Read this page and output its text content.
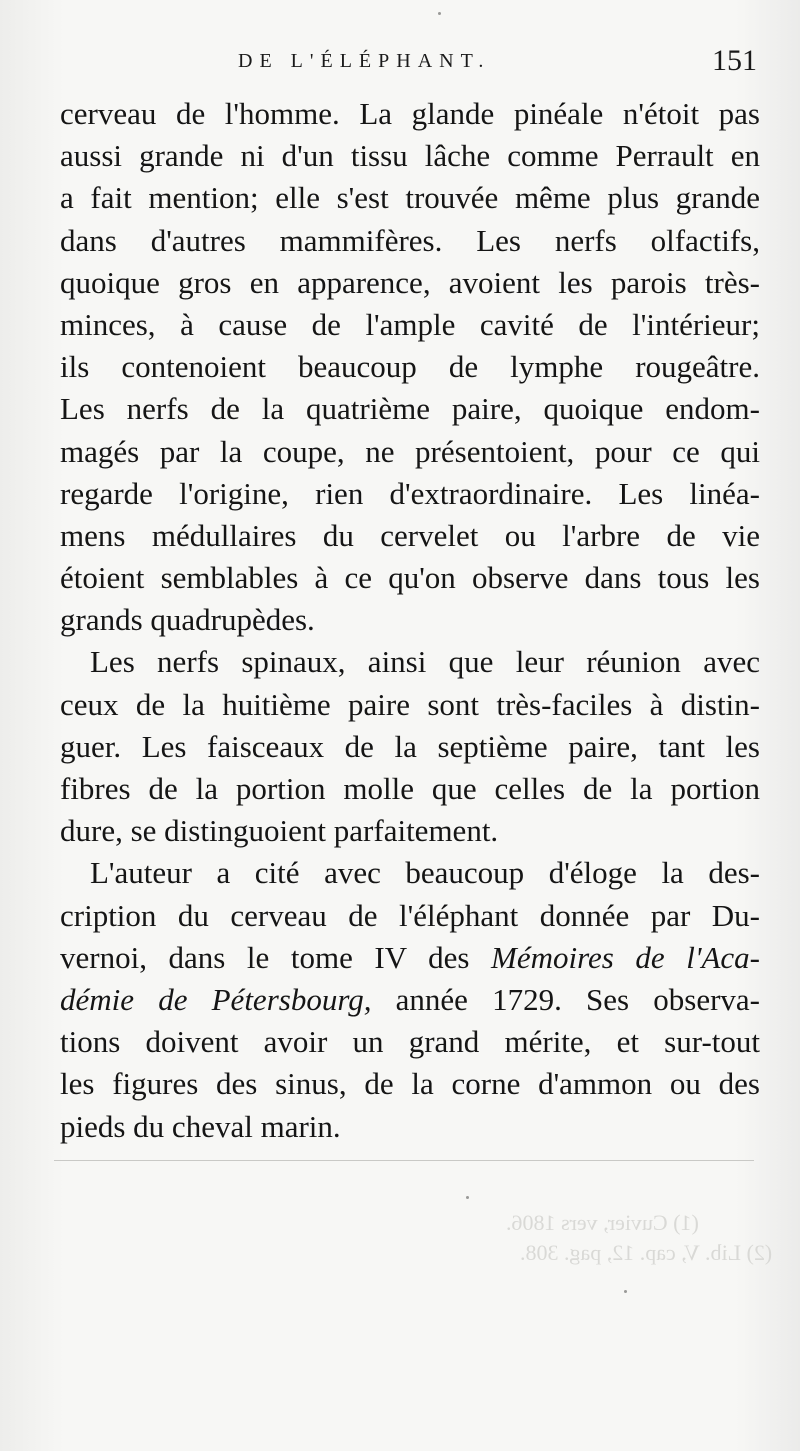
DE L'ÉLÉPHANT.	151
cerveau de l'homme. La glande pinéale n'étoit pas
aussi grande ni d'un tissu lâche comme Perrault en
a fait mention; elle s'est trouvée même plus grande
dans d'autres mammifères. Les nerfs olfactifs,
quoique gros en apparence, avoient les parois très-
minces, à cause de l'ample cavité de l'intérieur;
ils contenoient beaucoup de lymphe rougeâtre.
Les nerfs de la quatrième paire, quoique endom-
magés par la coupe, ne présentoient, pour ce qui
regarde l'origine, rien d'extraordinaire. Les linéa-
mens médullaires du cervelet ou l'arbre de vie
étoient semblables à ce qu'on observe dans tous les
grands quadrupèdes.
Les nerfs spinaux, ainsi que leur réunion avec
ceux de la huitième paire sont très-faciles à distin-
guer. Les faisceaux de la septième paire, tant les
fibres de la portion molle que celles de la portion
dure, se distinguoient parfaitement.
L'auteur a cité avec beaucoup d'éloge la des-
cription du cerveau de l'éléphant donnée par Du-
vernoi, dans le tome IV des Mémoires de l'Aca-
démie de Pétersbourg, année 1729. Ses observa-
tions doivent avoir un grand mérite, et sur-tout
les figures des sinus, de la corne d'ammon ou des
pieds du cheval marin.
(1) Cuvier, vers 1806.
(2) Lib. V, cap. 12, pag. 308.
